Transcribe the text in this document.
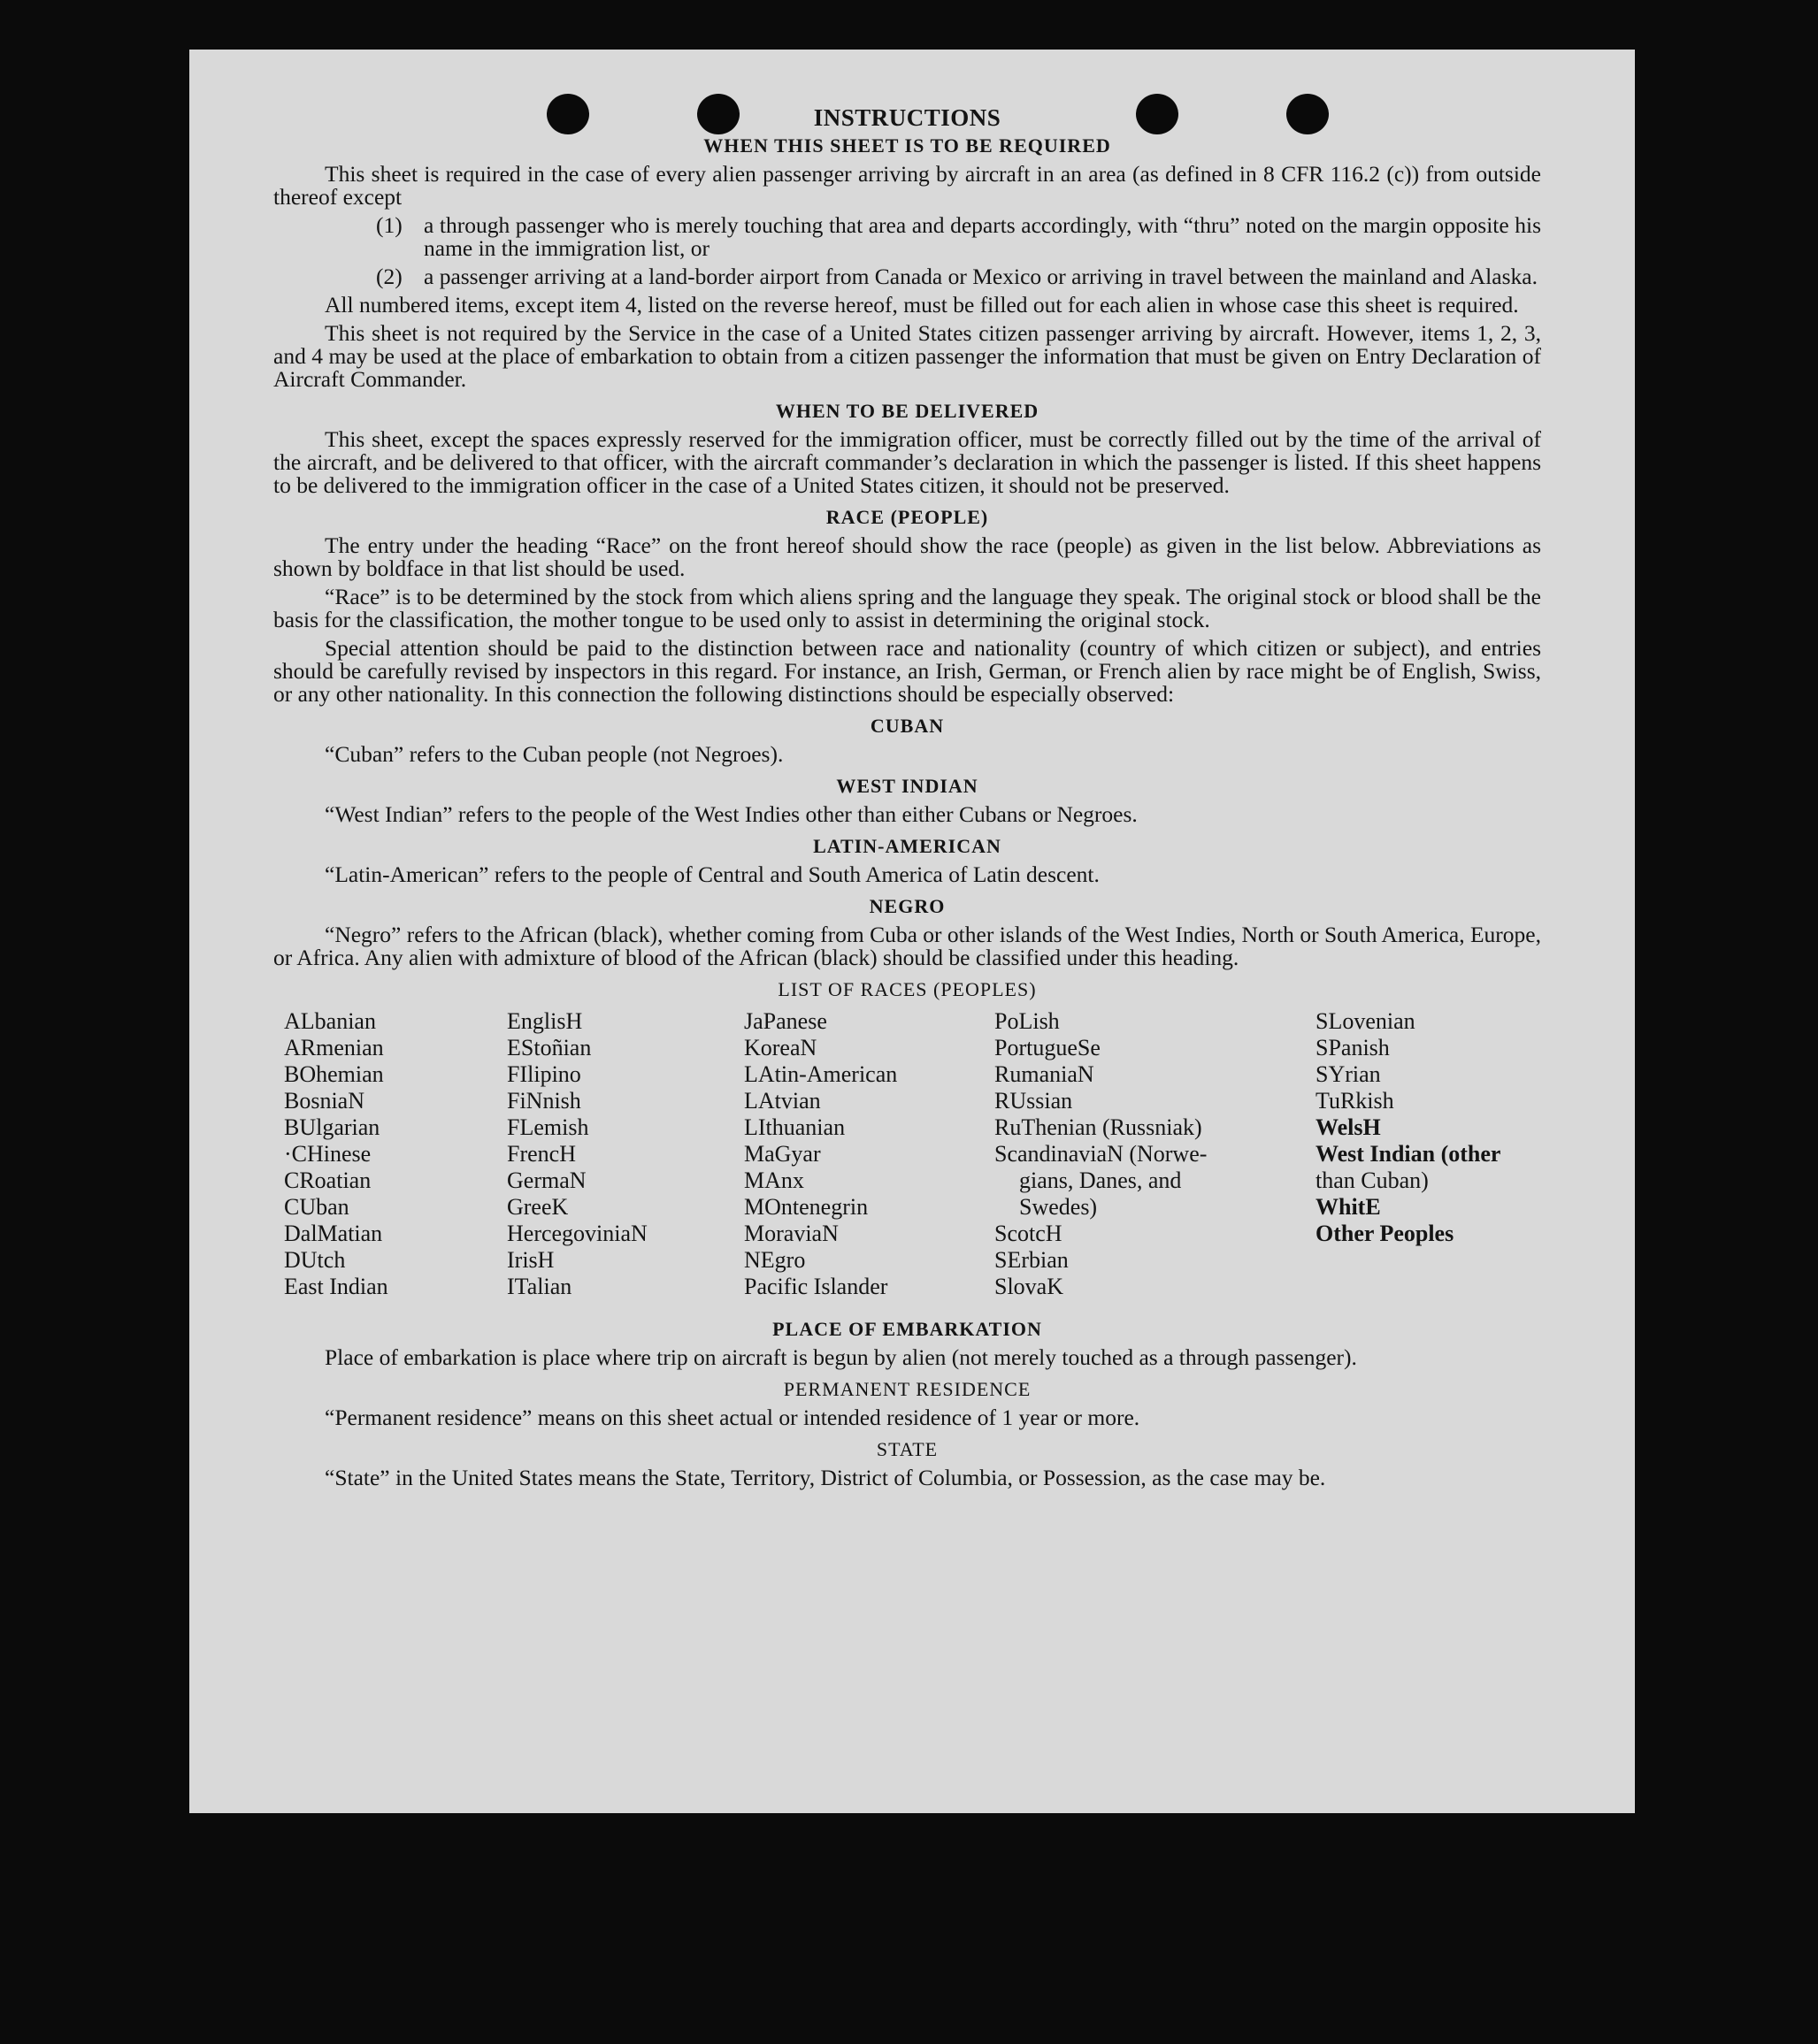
INSTRUCTIONS
WHEN THIS SHEET IS TO BE REQUIRED

This sheet is required in the case of every alien passenger arriving by aircraft in an area (as defined in 8 CFR 116.2 (c)) from outside thereof except

(1) a through passenger who is merely touching that area and departs accordingly, with “thru” noted on the margin opposite his name in the immigration list, or
(2) a passenger arriving at a land-border airport from Canada or Mexico or arriving in travel between the mainland and Alaska.

All numbered items, except item 4, listed on the reverse hereof, must be filled out for each alien in whose case this sheet is required.

This sheet is not required by the Service in the case of a United States citizen passenger arriving by aircraft. However, items 1, 2, 3, and 4 may be used at the place of embarkation to obtain from a citizen passenger the information that must be given on Entry Declaration of Aircraft Commander.

WHEN TO BE DELIVERED

This sheet, except the spaces expressly reserved for the immigration officer, must be correctly filled out by the time of the arrival of the aircraft, and be delivered to that officer, with the aircraft commander’s declaration in which the passenger is listed. If this sheet happens to be delivered to the immigration officer in the case of a United States citizen, it should not be preserved.

RACE (PEOPLE)

The entry under the heading “Race” on the front hereof should show the race (people) as given in the list below. Abbreviations as shown by boldface in that list should be used.

“Race” is to be determined by the stock from which aliens spring and the language they speak. The original stock or blood shall be the basis for the classification, the mother tongue to be used only to assist in determining the original stock.

Special attention should be paid to the distinction between race and nationality (country of which citizen or subject), and entries should be carefully revised by inspectors in this regard. For instance, an Irish, German, or French alien by race might be of English, Swiss, or any other nationality. In this connection the following distinctions should be especially observed:

CUBAN

“Cuban” refers to the Cuban people (not Negroes).

WEST INDIAN

“West Indian” refers to the people of the West Indies other than either Cubans or Negroes.

LATIN-AMERICAN

“Latin-American” refers to the people of Central and South America of Latin descent.

NEGRO

“Negro” refers to the African (black), whether coming from Cuba or other islands of the West Indies, North or South America, Europe, or Africa. Any alien with admixture of blood of the African (black) should be classified under this heading.

LIST OF RACES (PEOPLES)
ALbanian
ARmenian
BOhemian
BosniaN
BUlgarian
·CHinese
CRoatian
CUban
DalMatian
DUtch
East Indian
EnglisH
EStoñian
FIlipino
FiNnish
FLemish
FrencH
GermaN
GreeK
HercegoviniaN
IrisH
ITalian
JaPanese
KoreaN
LAtin-American
LAtvian
LIthuanian
MaGyar
MAnx
MOntenegrin
MoraviaN
NEgro
Pacific Islander
PoLish
PortugueSe
RumaniaN
RUssian
RuThenian (Russniak)
ScandinaviaN (Norwe-
gians, Danes, and
Swedes)
ScotcH
SErbian
SlovaK
SLovenian
SPanish
SYrian
TuRkish
WelsH
West Indian (other
than Cuban)
WhitE
Other Peoples
PLACE OF EMBARKATION

Place of embarkation is place where trip on aircraft is begun by alien (not merely touched as a through passenger).

PERMANENT RESIDENCE

“Permanent residence” means on this sheet actual or intended residence of 1 year or more.

STATE

“State” in the United States means the State, Territory, District of Columbia, or Possession, as the case may be.
